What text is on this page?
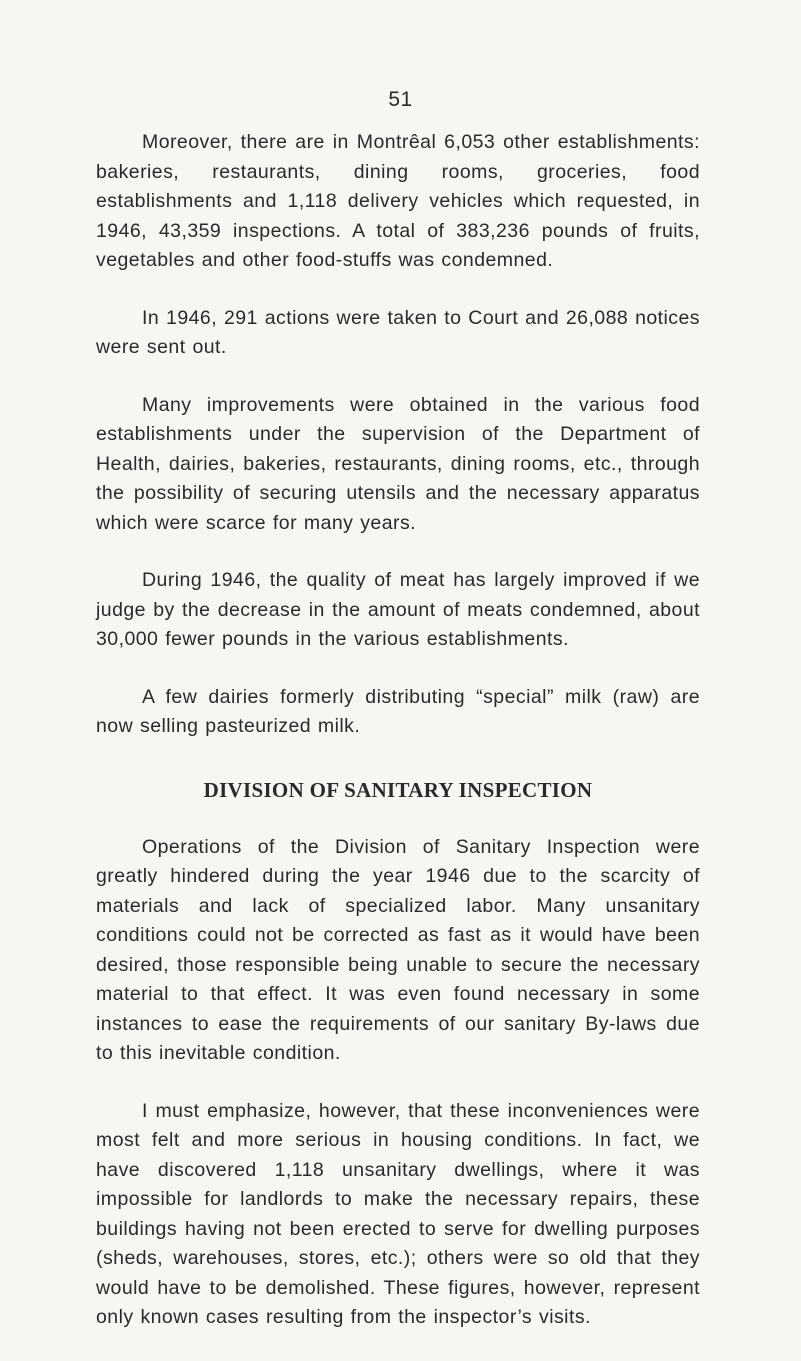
51

Moreover, there are in Montrêal 6,053 other establishments: bakeries, restaurants, dining rooms, groceries, food establishments and 1,118 delivery vehicles which requested, in 1946, 43,359 inspections. A total of 383,236 pounds of fruits, vegetables and other food-stuffs was condemned.

In 1946, 291 actions were taken to Court and 26,088 notices were sent out.

Many improvements were obtained in the various food establishments under the supervision of the Department of Health, dairies, bakeries, restaurants, dining rooms, etc., through the possibility of securing utensils and the necessary apparatus which were scarce for many years.

During 1946, the quality of meat has largely improved if we judge by the decrease in the amount of meats condemned, about 30,000 fewer pounds in the various establishments.

A few dairies formerly distributing “special” milk (raw) are now selling pasteurized milk.

DIVISION OF SANITARY INSPECTION

Operations of the Division of Sanitary Inspection were greatly hindered during the year 1946 due to the scarcity of materials and lack of specialized labor. Many unsanitary conditions could not be corrected as fast as it would have been desired, those responsible being unable to secure the necessary material to that effect. It was even found necessary in some instances to ease the requirements of our sanitary By-laws due to this inevitable condition.

I must emphasize, however, that these inconveniences were most felt and more serious in housing conditions. In fact, we have discovered 1,118 unsanitary dwellings, where it was impossible for landlords to make the necessary repairs, these buildings having not been erected to serve for dwelling purposes (sheds, warehouses, stores, etc.); others were so old that they would have to be demolished. These figures, however, represent only known cases resulting from the inspector’s visits.
